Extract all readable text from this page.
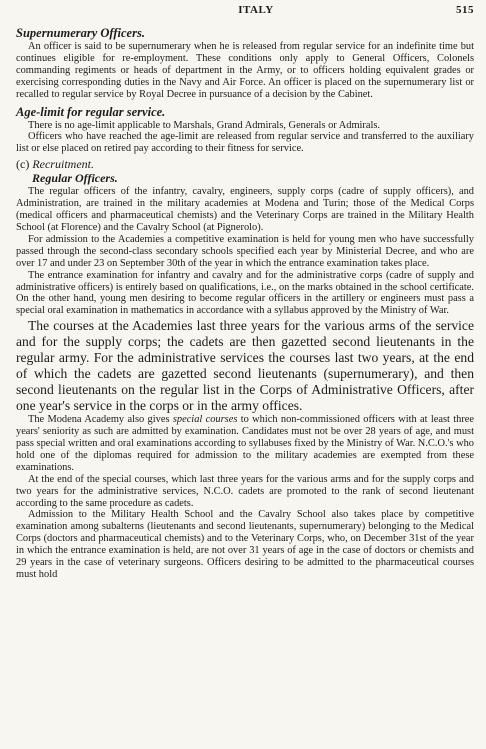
ITALY	515
Supernumerary Officers.

An officer is said to be supernumerary when he is released from regular service for an indefinite time but continues eligible for re-employment. These conditions only apply to General Officers, Colonels commanding regiments or heads of department in the Army, or to officers holding equivalent grades or exercising corresponding duties in the Navy and Air Force. An officer is placed on the supernumerary list or recalled to regular service by Royal Decree in pursuance of a decision by the Cabinet.

Age-limit for regular service.

There is no age-limit applicable to Marshals, Grand Admirals, Generals or Admirals.

Officers who have reached the age-limit are released from regular service and transferred to the auxiliary list or else placed on retired pay according to their fitness for service.

(c) Recruitment.
Regular Officers.

The regular officers of the infantry, cavalry, engineers, supply corps (cadre of supply officers), and Administration, are trained in the military academies at Modena and Turin; those of the Medical Corps (medical officers and pharmaceutical chemists) and the Veterinary Corps are trained in the Military Health School (at Florence) and the Cavalry School (at Pignerolo).

For admission to the Academies a competitive examination is held for young men who have successfully passed through the second-class secondary schools specified each year by Ministerial Decree, and who are over 17 and under 23 on September 30th of the year in which the entrance examination takes place.

The entrance examination for infantry and cavalry and for the administrative corps (cadre of supply and administrative officers) is entirely based on qualifications, i.e., on the marks obtained in the school certificate. On the other hand, young men desiring to become regular officers in the artillery or engineers must pass a special oral examination in mathematics in accordance with a syllabus approved by the Ministry of War.

The courses at the Academies last three years for the various arms of the service and for the supply corps; the cadets are then gazetted second lieutenants in the regular army. For the administrative services the courses last two years, at the end of which the cadets are gazetted second lieutenants (supernumerary), and then second lieutenants on the regular list in the Corps of Administrative Officers, after one year's service in the corps or in the army offices.

The Modena Academy also gives special courses to which non-commissioned officers with at least three years' seniority as such are admitted by examination. Candidates must not be over 28 years of age, and must pass special written and oral examinations according to syllabuses fixed by the Ministry of War. N.C.O.'s who hold one of the diplomas required for admission to the military academies are exempted from these examinations.

At the end of the special courses, which last three years for the various arms and for the supply corps and two years for the administrative services, N.C.O. cadets are promoted to the rank of second lieutenant according to the same procedure as cadets.

Admission to the Military Health School and the Cavalry School also takes place by competitive examination among subalterns (lieutenants and second lieutenants, supernumerary) belonging to the Medical Corps (doctors and pharmaceutical chemists) and to the Veterinary Corps, who, on December 31st of the year in which the entrance examination is held, are not over 31 years of age in the case of doctors or chemists and 29 years in the case of veterinary surgeons. Officers desiring to be admitted to the pharmaceutical courses must hold
